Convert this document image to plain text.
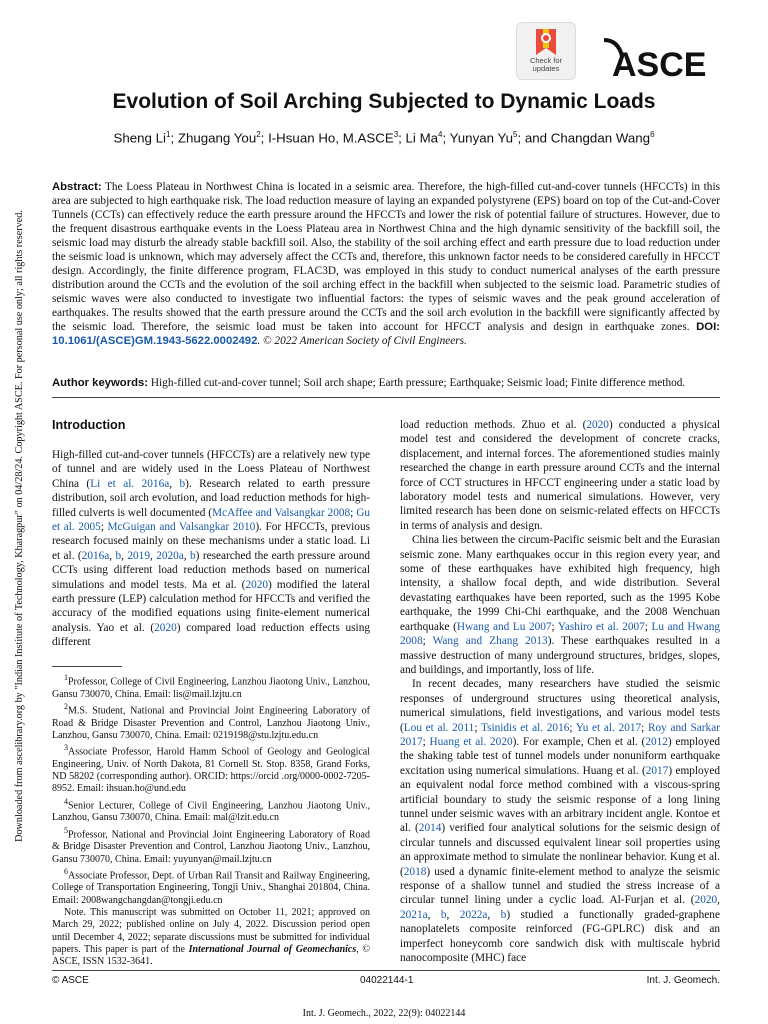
Downloaded from ascelibrary.org by "Indian Institute of Technology, Kharagpur" on 04/28/24. Copyright ASCE. For personal use only; all rights reserved.
Check for
updates	ASCE
Evolution of Soil Arching Subjected to Dynamic Loads
Sheng Li$^1$; Zhugang You$^2$; I-Hsuan Ho, M.ASCE$^3$; Li Ma$^4$; Yunyan Yu$^5$; and Changdan Wang$^6$
Abstract: The Loess Plateau in Northwest China is located in a seismic area. Therefore, the high-filled cut-and-cover tunnels (HFCCTs) in this area are subjected to high earthquake risk. The load reduction measure of laying an expanded polystyrene (EPS) board on top of the Cut-and-Cover Tunnels (CCTs) can effectively reduce the earth pressure around the HFCCTs and lower the risk of potential failure of structures. However, due to the frequent disastrous earthquake events in the Loess Plateau area in Northwest China and the high dynamic sensitivity of the backfill soil, the seismic load may disturb the already stable backfill soil. Also, the stability of the soil arching effect and earth pressure due to load reduction under the seismic load is unknown, which may adversely affect the CCTs and, therefore, this unknown factor needs to be considered carefully in HFCCT design. Accordingly, the finite difference program, FLAC3D, was employed in this study to conduct numerical analyses of the earth pressure distribution around the CCTs and the evolution of the soil arching effect in the backfill when subjected to the seismic load. Parametric studies of seismic waves were also conducted to investigate two influential factors: the types of seismic waves and the peak ground acceleration of earthquakes. The results showed that the earth pressure around the CCTs and the soil arch evolution in the backfill were significantly affected by the seismic load. Therefore, the seismic load must be taken into account for HFCCT analysis and design in earthquake zones. DOI: 10.1061/(ASCE)GM.1943-5622.0002492. © 2022 American Society of Civil Engineers.
Author keywords: High-filled cut-and-cover tunnel; Soil arch shape; Earth pressure; Earthquake; Seismic load; Finite difference method.
Introduction

High-filled cut-and-cover tunnels (HFCCTs) are a relatively new type of tunnel and are widely used in the Loess Plateau of Northwest China (Li et al. 2016a, b). Research related to earth pressure distribution, soil arch evolution, and load reduction methods for high-filled culverts is well documented (McAffee and Valsangkar 2008; Gu et al. 2005; McGuigan and Valsangkar 2010). For HFCCTs, previous research focused mainly on these mechanisms under a static load. Li et al. (2016a, b, 2019, 2020a, b) researched the earth pressure around CCTs using different load reduction methods based on numerical simulations and model tests. Ma et al. (2020) modified the lateral earth pressure (LEP) calculation method for HFCCTs and verified the accuracy of the modified equations using finite-element numerical analysis. Yao et al. (2020) compared load reduction effects using different

$^1$Professor, College of Civil Engineering, Lanzhou Jiaotong Univ., Lanzhou, Gansu 730070, China. Email: lis@mail.lzjtu.cn

$^2$M.S. Student, National and Provincial Joint Engineering Laboratory of Road & Bridge Disaster Prevention and Control, Lanzhou Jiaotong Univ., Lanzhou, Gansu 730070, China. Email: 0219198@stu.lzjtu.edu.cn

$^3$Associate Professor, Harold Hamm School of Geology and Geological Engineering, Univ. of North Dakota, 81 Cornell St. Stop. 8358, Grand Forks, ND 58202 (corresponding author). ORCID: https://orcid .org/0000-0002-7205-8952. Email: ihsuan.ho@und.edu

$^4$Senior Lecturer, College of Civil Engineering, Lanzhou Jiaotong Univ., Lanzhou, Gansu 730070, China. Email: mal@lzit.edu.cn

$^5$Professor, National and Provincial Joint Engineering Laboratory of Road & Bridge Disaster Prevention and Control, Lanzhou Jiaotong Univ., Lanzhou, Gansu 730070, China. Email: yuyunyan@mail.lzjtu.cn

$^6$Associate Professor, Dept. of Urban Rail Transit and Railway Engineering, College of Transportation Engineering, Tongji Univ., Shanghai 201804, China. Email: 2008wangchangdan@tongji.edu.cn

Note. This manuscript was submitted on October 11, 2021; approved on March 29, 2022; published online on July 4, 2022. Discussion period open until December 4, 2022; separate discussions must be submitted for individual papers. This paper is part of the International Journal of Geomechanics, © ASCE, ISSN 1532-3641.

load reduction methods. Zhuo et al. (2020) conducted a physical model test and considered the development of concrete cracks, displacement, and internal forces. The aforementioned studies mainly researched the change in earth pressure around CCTs and the internal force of CCT structures in HFCCT engineering under a static load by laboratory model tests and numerical simulations. However, very limited research has been done on seismic-related effects on HFCCTs in terms of analysis and design.

China lies between the circum-Pacific seismic belt and the Eurasian seismic zone. Many earthquakes occur in this region every year, and some of these earthquakes have exhibited high frequency, high intensity, a shallow focal depth, and wide distribution. Several devastating earthquakes have been reported, such as the 1995 Kobe earthquake, the 1999 Chi-Chi earthquake, and the 2008 Wenchuan earthquake (Hwang and Lu 2007; Yashiro et al. 2007; Lu and Hwang 2008; Wang and Zhang 2013). These earthquakes resulted in a massive destruction of many underground structures, bridges, slopes, and buildings, and importantly, loss of life.

In recent decades, many researchers have studied the seismic responses of underground structures using theoretical analysis, numerical simulations, field investigations, and various model tests (Lou et al. 2011; Tsinidis et al. 2016; Yu et al. 2017; Roy and Sarkar 2017; Huang et al. 2020). For example, Chen et al. (2012) employed the shaking table test of tunnel models under nonuniform earthquake excitation using numerical simulations. Huang et al. (2017) employed an equivalent nodal force method combined with a viscous-spring artificial boundary to study the seismic response of a long lining tunnel under seismic waves with an arbitrary incident angle. Kontoe et al. (2014) verified four analytical solutions for the seismic design of circular tunnels and discussed equivalent linear soil properties using an approximate method to simulate the nonlinear behavior. Kung et al. (2018) used a dynamic finite-element method to analyze the seismic response of a shallow tunnel and studied the stress increase of a circular tunnel lining under a cyclic load. Al-Furjan et al. (2020, 2021a, b, 2022a, b) studied a functionally graded-graphene nanoplatelets composite reinforced (FG-GPLRC) disk and an imperfect honeycomb core sandwich disk with multiscale hybrid nanocomposite (MHC) face

© ASCE	04022144-1	Int. J. Geomech.
Int. J. Geomech., 2022, 22(9): 04022144
